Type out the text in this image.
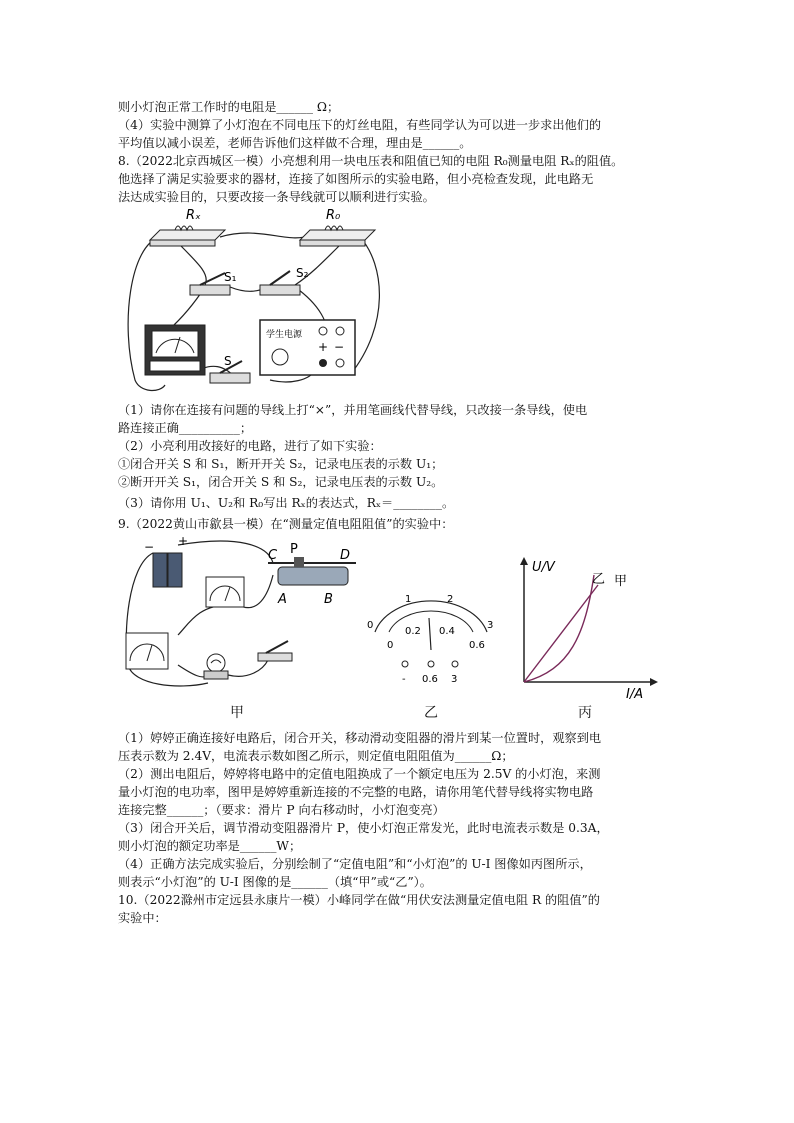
则小灯泡正常工作时的电阻是______ Ω；
（4）实验中测算了小灯泡在不同电压下的灯丝电阻，有些同学认为可以进一步求出他们的
平均值以减小误差，老师告诉他们这样做不合理，理由是______。
8.（2022北京西城区一模）小亮想利用一块电压表和阻值已知的电阻 R₀测量电阻 Rₓ的阻值。
他选择了满足实验要求的器材，连接了如图所示的实验电路，但小亮检查发现，此电路无
法达成实验目的，只要改接一条导线就可以顺利进行实验。
Rₓ	R₀
S₁	S₂
S
学生电源
+ −
（1）请你在连接有问题的导线上打“×”，并用笔画线代替导线，只改接一条导线，使电
路连接正确__________；
（2）小亮利用改接好的电路，进行了如下实验：
①闭合开关 S 和 S₁，断开开关 S₂，记录电压表的示数 U₁；
②断开开关 S₁，闭合开关 S 和 S₂，记录电压表的示数 U₂。
（3）请你用 U₁、U₂和 R₀写出 Rₓ的表达式，Rₓ＝________。
9.（2022黄山市歙县一模）在“测量定值电阻阻值”的实验中：
− +
C P	D
A	B
0
1	2
3
0
0.2 0.4
0.6
- 0.6 3
U/V
I/A
乙 甲
甲	乙	丙
（1）婷婷正确连接好电路后，闭合开关，移动滑动变阻器的滑片到某一位置时，观察到电
压表示数为 2.4V，电流表示数如图乙所示，则定值电阻阻值为______Ω；
（2）测出电阻后，婷婷将电路中的定值电阻换成了一个额定电压为 2.5V 的小灯泡，来测
量小灯泡的电功率，图甲是婷婷重新连接的不完整的电路，请你用笔代替导线将实物电路
连接完整______；（要求：滑片 P 向右移动时，小灯泡变亮）
（3）闭合开关后，调节滑动变阻器滑片 P，使小灯泡正常发光，此时电流表示数是 0.3A，
则小灯泡的额定功率是______W；
（4）正确方法完成实验后，分别绘制了“定值电阻”和“小灯泡”的 U-I 图像如丙图所示，
则表示“小灯泡”的 U-I 图像的是______（填“甲”或“乙”）。
10.（2022滁州市定远县永康片一模）小峰同学在做“用伏安法测量定值电阻 R 的阻值”的
实验中：
